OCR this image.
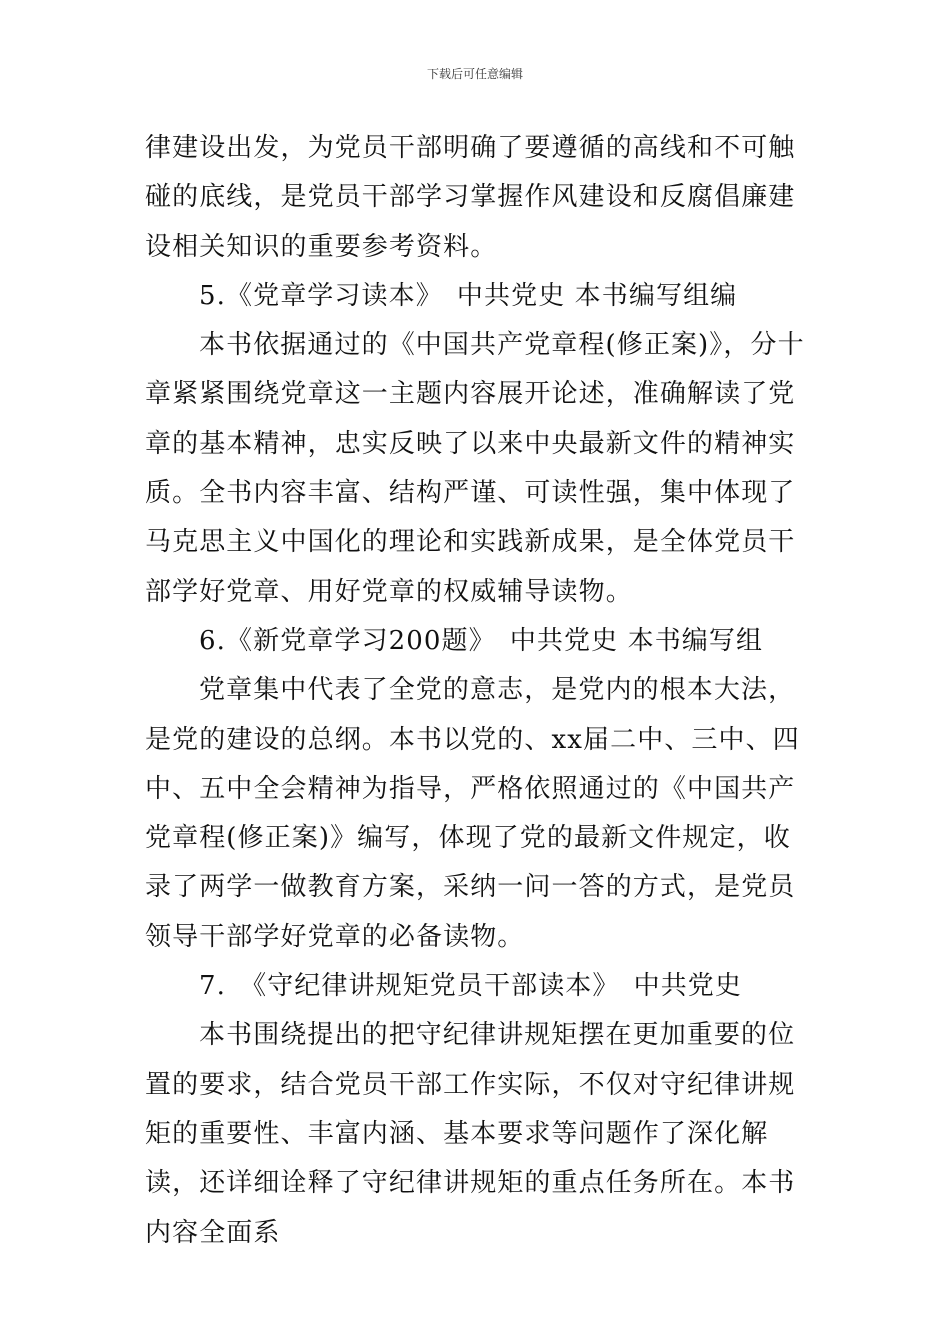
下载后可任意编辑

律建设出发，为党员干部明确了要遵循的高线和不可触碰的底线，是党员干部学习掌握作风建设和反腐倡廉建设相关知识的重要参考资料。

5.《党章学习读本》　中共党史 本书编写组编

本书依据通过的《中国共产党章程(修正案)》，分十章紧紧围绕党章这一主题内容展开论述，准确解读了党章的基本精神，忠实反映了以来中央最新文件的精神实质。全书内容丰富、结构严谨、可读性强，集中体现了马克思主义中国化的理论和实践新成果，是全体党员干部学好党章、用好党章的权威辅导读物。

6.《新党章学习200题》　中共党史 本书编写组

党章集中代表了全党的意志，是党内的根本大法，是党的建设的总纲。本书以党的、xx届二中、三中、四中、五中全会精神为指导，严格依照通过的《中国共产党章程(修正案)》编写，体现了党的最新文件规定，收录了两学一做教育方案，采纳一问一答的方式，是党员领导干部学好党章的必备读物。

7.　《守纪律讲规矩党员干部读本》　中共党史

本书围绕提出的把守纪律讲规矩摆在更加重要的位置的要求，结合党员干部工作实际，不仅对守纪律讲规矩的重要性、丰富内涵、基本要求等问题作了深化解读，还详细诠释了守纪律讲规矩的重点任务所在。本书内容全面系
